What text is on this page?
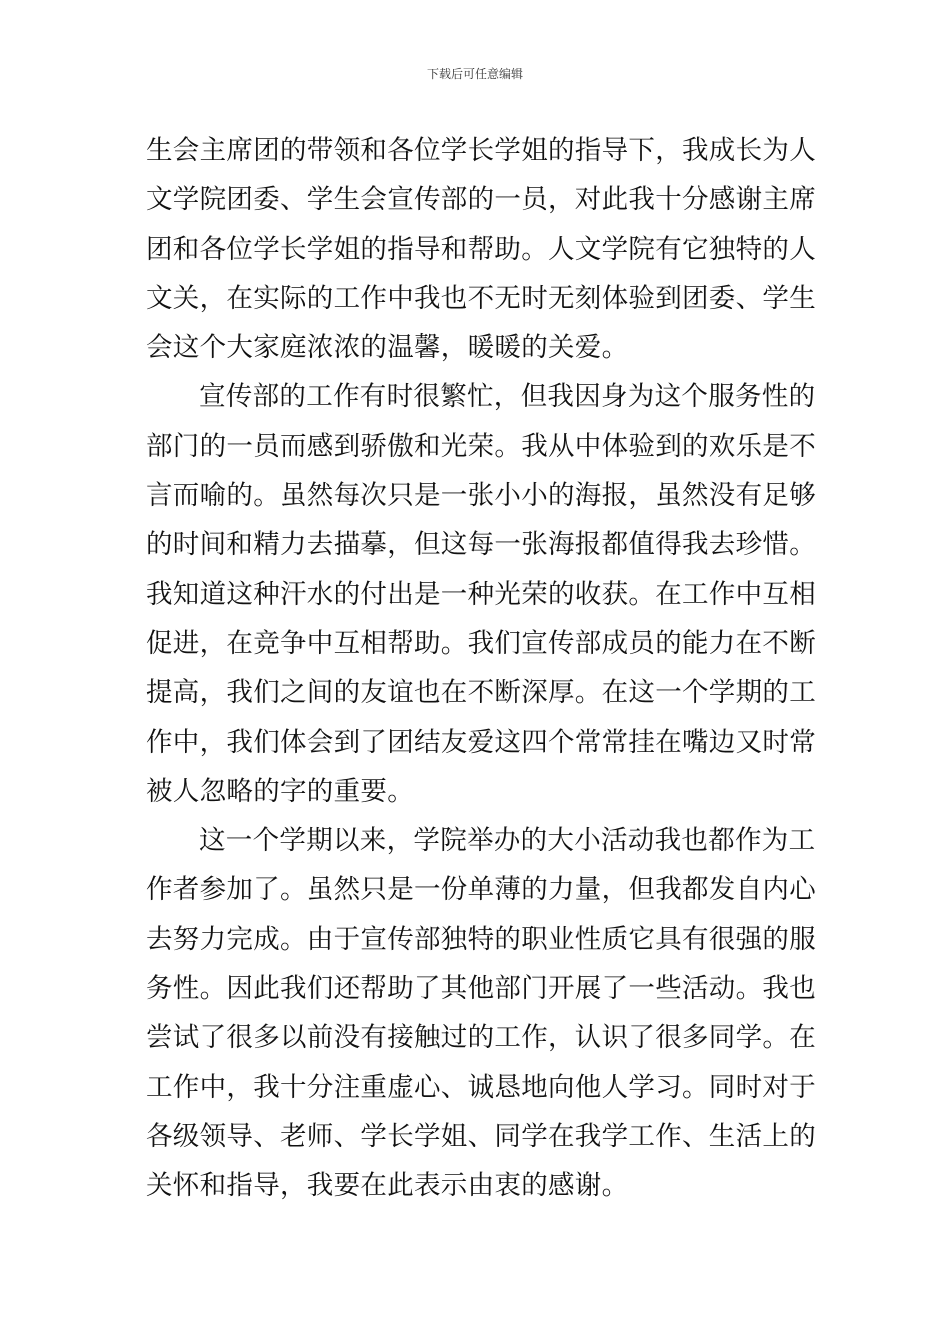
下载后可任意编辑
生会主席团的带领和各位学长学姐的指导下，我成长为人
文学院团委、学生会宣传部的一员，对此我十分感谢主席
团和各位学长学姐的指导和帮助。人文学院有它独特的人
文关，在实际的工作中我也不无时无刻体验到团委、学生
会这个大家庭浓浓的温馨，暖暖的关爱。
宣传部的工作有时很繁忙，但我因身为这个服务性的
部门的一员而感到骄傲和光荣。我从中体验到的欢乐是不
言而喻的。虽然每次只是一张小小的海报，虽然没有足够
的时间和精力去描摹，但这每一张海报都值得我去珍惜。
我知道这种汗水的付出是一种光荣的收获。在工作中互相
促进，在竞争中互相帮助。我们宣传部成员的能力在不断
提高，我们之间的友谊也在不断深厚。在这一个学期的工
作中，我们体会到了团结友爱这四个常常挂在嘴边又时常
被人忽略的字的重要。
这一个学期以来，学院举办的大小活动我也都作为工
作者参加了。虽然只是一份单薄的力量，但我都发自内心
去努力完成。由于宣传部独特的职业性质它具有很强的服
务性。因此我们还帮助了其他部门开展了一些活动。我也
尝试了很多以前没有接触过的工作，认识了很多同学。在
工作中，我十分注重虚心、诚恳地向他人学习。同时对于
各级领导、老师、学长学姐、同学在我学工作、生活上的
关怀和指导，我要在此表示由衷的感谢。
